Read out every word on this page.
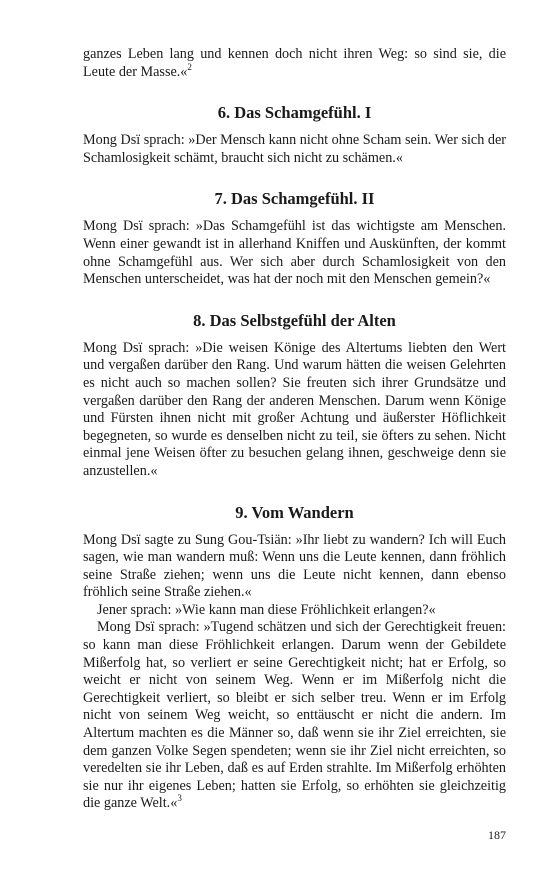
ganzes Leben lang und kennen doch nicht ihren Weg: so sind sie, die Leute der Masse.«$^2$

6. Das Schamgefühl. I

Mong Dsï sprach: »Der Mensch kann nicht ohne Scham sein. Wer sich der Schamlosigkeit schämt, braucht sich nicht zu schämen.«

7. Das Schamgefühl. II

Mong Dsï sprach: »Das Schamgefühl ist das wichtigste am Menschen. Wenn einer gewandt ist in allerhand Kniffen und Auskünften, der kommt ohne Schamgefühl aus. Wer sich aber durch Schamlosigkeit von den Menschen unterscheidet, was hat der noch mit den Menschen gemein?«

8. Das Selbstgefühl der Alten

Mong Dsï sprach: »Die weisen Könige des Altertums liebten den Wert und vergaßen darüber den Rang. Und warum hätten die weisen Gelehrten es nicht auch so machen sollen? Sie freuten sich ihrer Grundsätze und vergaßen darüber den Rang der anderen Menschen. Darum wenn Könige und Fürsten ihnen nicht mit großer Achtung und äußerster Höflichkeit begegneten, so wurde es denselben nicht zu teil, sie öfters zu sehen. Nicht einmal jene Weisen öfter zu besuchen gelang ihnen, geschweige denn sie anzustellen.«

9. Vom Wandern

Mong Dsï sagte zu Sung Gou-Tsiän: »Ihr liebt zu wandern? Ich will Euch sagen, wie man wandern muß: Wenn uns die Leute kennen, dann fröhlich seine Straße ziehen; wenn uns die Leute nicht kennen, dann ebenso fröhlich seine Straße ziehen.«

Jener sprach: »Wie kann man diese Fröhlichkeit erlangen?«

Mong Dsï sprach: »Tugend schätzen und sich der Gerechtigkeit freuen: so kann man diese Fröhlichkeit erlangen. Darum wenn der Gebildete Mißerfolg hat, so verliert er seine Gerechtigkeit nicht; hat er Erfolg, so weicht er nicht von seinem Weg. Wenn er im Mißerfolg nicht die Gerechtigkeit verliert, so bleibt er sich selber treu. Wenn er im Erfolg nicht von seinem Weg weicht, so enttäuscht er nicht die andern. Im Altertum machten es die Männer so, daß wenn sie ihr Ziel erreichten, sie dem ganzen Volke Segen spendeten; wenn sie ihr Ziel nicht erreichten, so veredelten sie ihr Leben, daß es auf Erden strahlte. Im Mißerfolg erhöhten sie nur ihr eigenes Leben; hatten sie Erfolg, so erhöhten sie gleichzeitig die ganze Welt.«$^3$

187
